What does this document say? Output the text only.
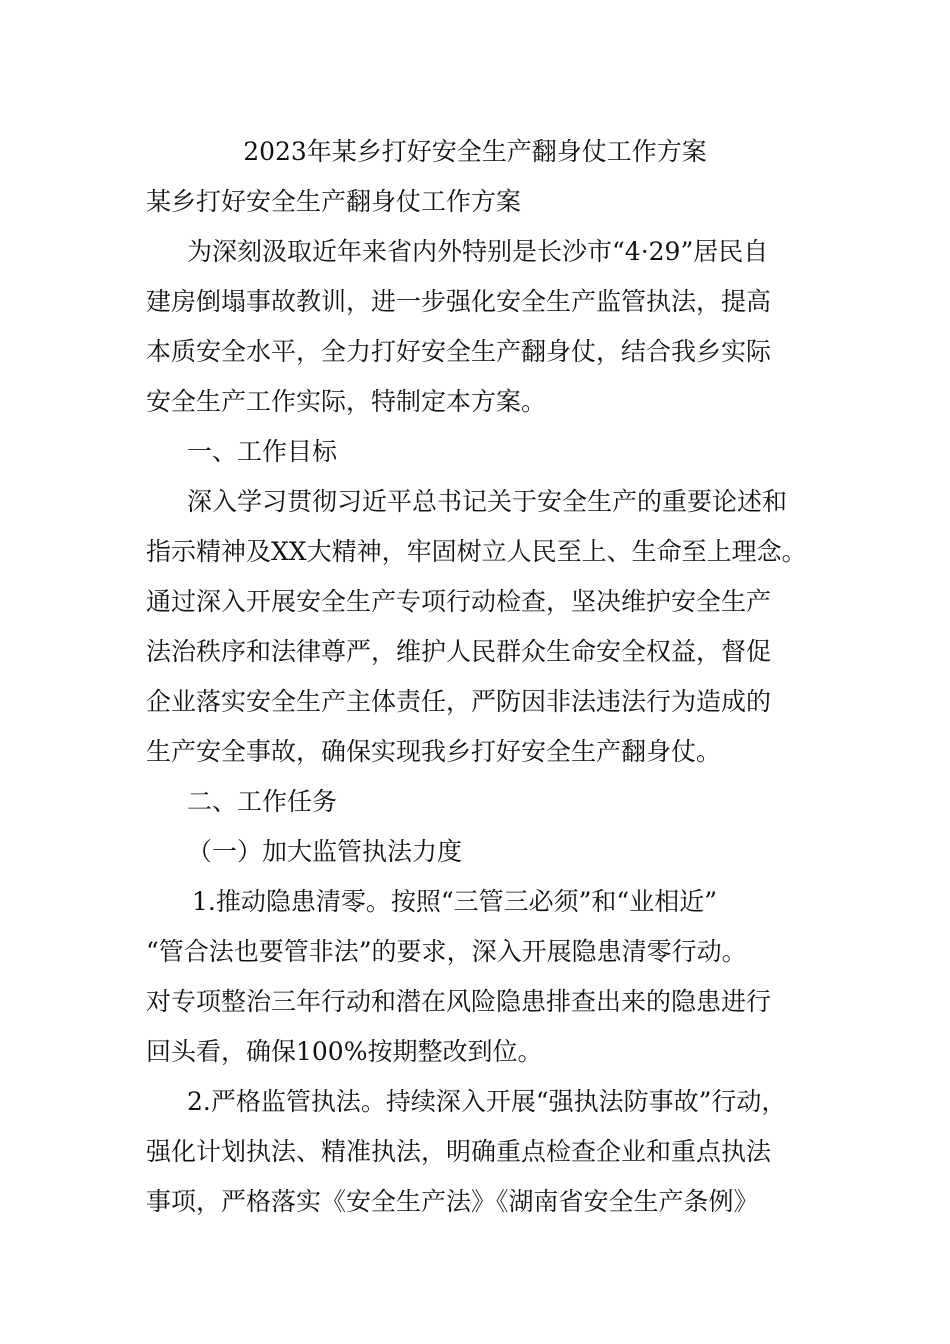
2023年某乡打好安全生产翻身仗工作方案
某乡打好安全生产翻身仗工作方案
为深刻汲取近年来省内外特别是长沙市“4·29”居民自
建房倒塌事故教训，进一步强化安全生产监管执法，提高
本质安全水平，全力打好安全生产翻身仗，结合我乡实际
安全生产工作实际，特制定本方案。
一、工作目标
深入学习贯彻习近平总书记关于安全生产的重要论述和
指示精神及XX大精神，牢固树立人民至上、生命至上理念。
通过深入开展安全生产专项行动检查，坚决维护安全生产
法治秩序和法律尊严，维护人民群众生命安全权益，督促
企业落实安全生产主体责任，严防因非法违法行为造成的
生产安全事故，确保实现我乡打好安全生产翻身仗。
二、工作任务
（一）加大监管执法力度
1.推动隐患清零。按照“三管三必须”和“业相近”
“管合法也要管非法”的要求，深入开展隐患清零行动。
对专项整治三年行动和潜在风险隐患排查出来的隐患进行
回头看，确保100%按期整改到位。
2.严格监管执法。持续深入开展“强执法防事故”行动，
强化计划执法、精准执法，明确重点检查企业和重点执法
事项，严格落实《安全生产法》《湖南省安全生产条例》
